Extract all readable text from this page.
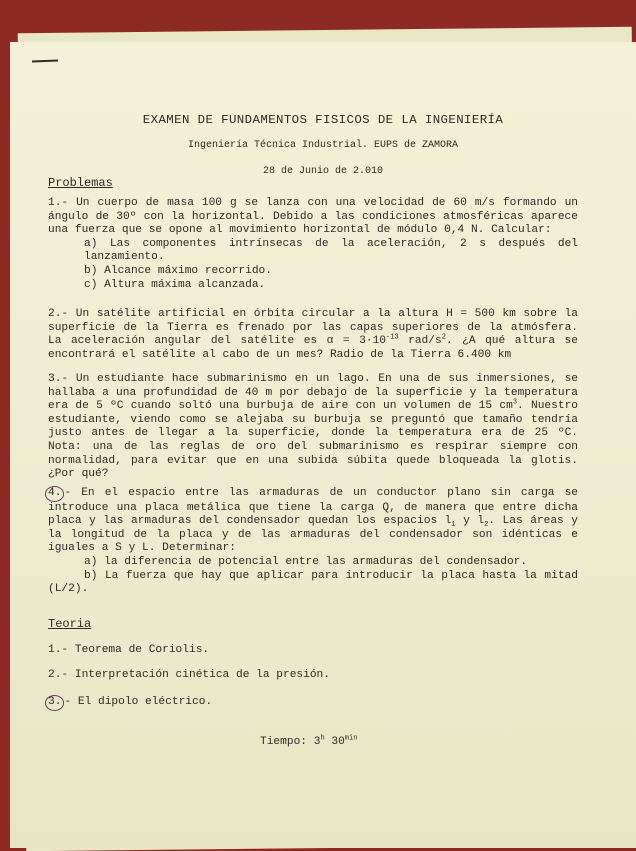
EXAMEN DE FUNDAMENTOS FISICOS DE LA INGENIERÍA
Ingeniería Técnica Industrial. EUPS de ZAMORA
28 de Junio de 2.010
Problemas

1.- Un cuerpo de masa 100 g se lanza con una velocidad de 60 m/s formando un ángulo de 30º con la horizontal. Debido a las condiciones atmosféricas aparece una fuerza que se opone al movimiento horizontal de módulo 0,4 N. Calcular:

a) Las componentes intrínsecas de la aceleración, 2 s después del lanzamiento.

b) Alcance máximo recorrido.

c) Altura máxima alcanzada.

2.- Un satélite artificial en órbita circular a la altura H = 500 km sobre la superficie de la Tierra es frenado por las capas superiores de la atmósfera. La aceleración angular del satélite es $\alpha = 3\cdot 10^{-13}$ rad/$s^2$. ¿A qué altura se encontrará el satélite al cabo de un mes? Radio de la Tierra 6.400 km

3.- Un estudiante hace submarinismo en un lago. En una de sus inmersiones, se hallaba a una profundidad de 40 m por debajo de la superficie y la temperatura era de 5 ºC cuando soltó una burbuja de aire con un volumen de 15 $cm^3$. Nuestro estudiante, viendo como se alejaba su burbuja se preguntó que tamaño tendría justo antes de llegar a la superficie, donde la temperatura era de 25 ºC. Nota: una de las reglas de oro del submarinismo es respirar siempre con normalidad, para evitar que en una subida súbita quede bloqueada la glotis. ¿Por qué?

4. - En el espacio entre las armaduras de un conductor plano sin carga se introduce una placa metálica que tiene la carga Q, de manera que entre dicha placa y las armaduras del condensador quedan los espacios $l_1$ y $l_2$. Las áreas y la longitud de la placa y de las armaduras del condensador son idénticas e iguales a S y L. Determinar:

a) la diferencia de potencial entre las armaduras del condensador.

b) La fuerza que hay que aplicar para introducir la placa hasta la mitad (L/2).

Teoria

1.- Teorema de Coriolis.

2.- Interpretación cinética de la presión.

3. - El dipolo eléctrico.

Tiempo: 3$^h$ $30^{min}$
